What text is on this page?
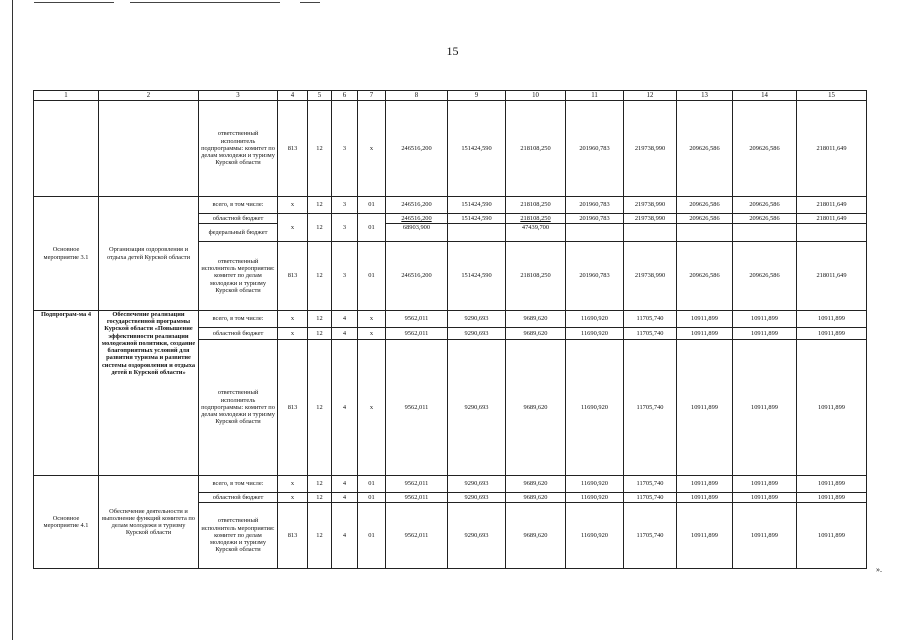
15
1	2	3	4	5	6	7	8	9	10	11	12	13	14	15
		ответственный исполнитель подпрограммы: комитет по делам молодежи и туризму Курской области	813	12	3	х	246516,200	151424,590	218108,250	201960,783	219738,990	209626,586	209626,586	218011,649
Основное мероприятие 3.1	Организация оздоровления и отдыха детей Курской области	всего, в том числе:	х	12	3	01	246516,200	151424,590	218108,250	201960,783	219738,990	209626,586	209626,586	218011,649
		областной бюджет	х	12	3	01	246516,200	151424,590	218108,250	201960,783	219738,990	209626,586	209626,586	218011,649
		федеральный бюджет					68903,900		47439,700					
		ответственный исполнитель мероприятия: комитет по делам молодежи и туризму Курской области	813	12	3	01	246516,200	151424,590	218108,250	201960,783	219738,990	209626,586	209626,586	218011,649
Подпрограм-ма 4	Обеспечение реализации государственной программы Курской области «Повышение эффективности реализации молодежной политики, создание благоприятных условий для развития туризма и развитие системы оздоровления и отдыха детей в Курской области»	всего, в том числе:	х	12	4	х	9562,011	9290,693	9689,620	11690,920	11705,740	10911,899	10911,899	10911,899
		областной бюджет	х	12	4	х	9562,011	9290,693	9689,620	11690,920	11705,740	10911,899	10911,899	10911,899
		ответственный исполнитель подпрограммы: комитет по делам молодежи и туризму Курской области	813	12	4	х	9562,011	9290,693	9689,620	11690,920	11705,740	10911,899	10911,899	10911,899
Основное мероприятие 4.1	Обеспечение деятельности и выполнение функций комитета по делам молодежи и туризму Курской области	всего, в том числе:	х	12	4	01	9562,011	9290,693	9689,620	11690,920	11705,740	10911,899	10911,899	10911,899
		областной бюджет	х	12	4	01	9562,011	9290,693	9689,620	11690,920	11705,740	10911,899	10911,899	10911,899
		ответственный исполнитель мероприятия: комитет по делам молодежи и туризму Курской области	813	12	4	01	9562,011	9290,693	9689,620	11690,920	11705,740	10911,899	10911,899	10911,899
».
